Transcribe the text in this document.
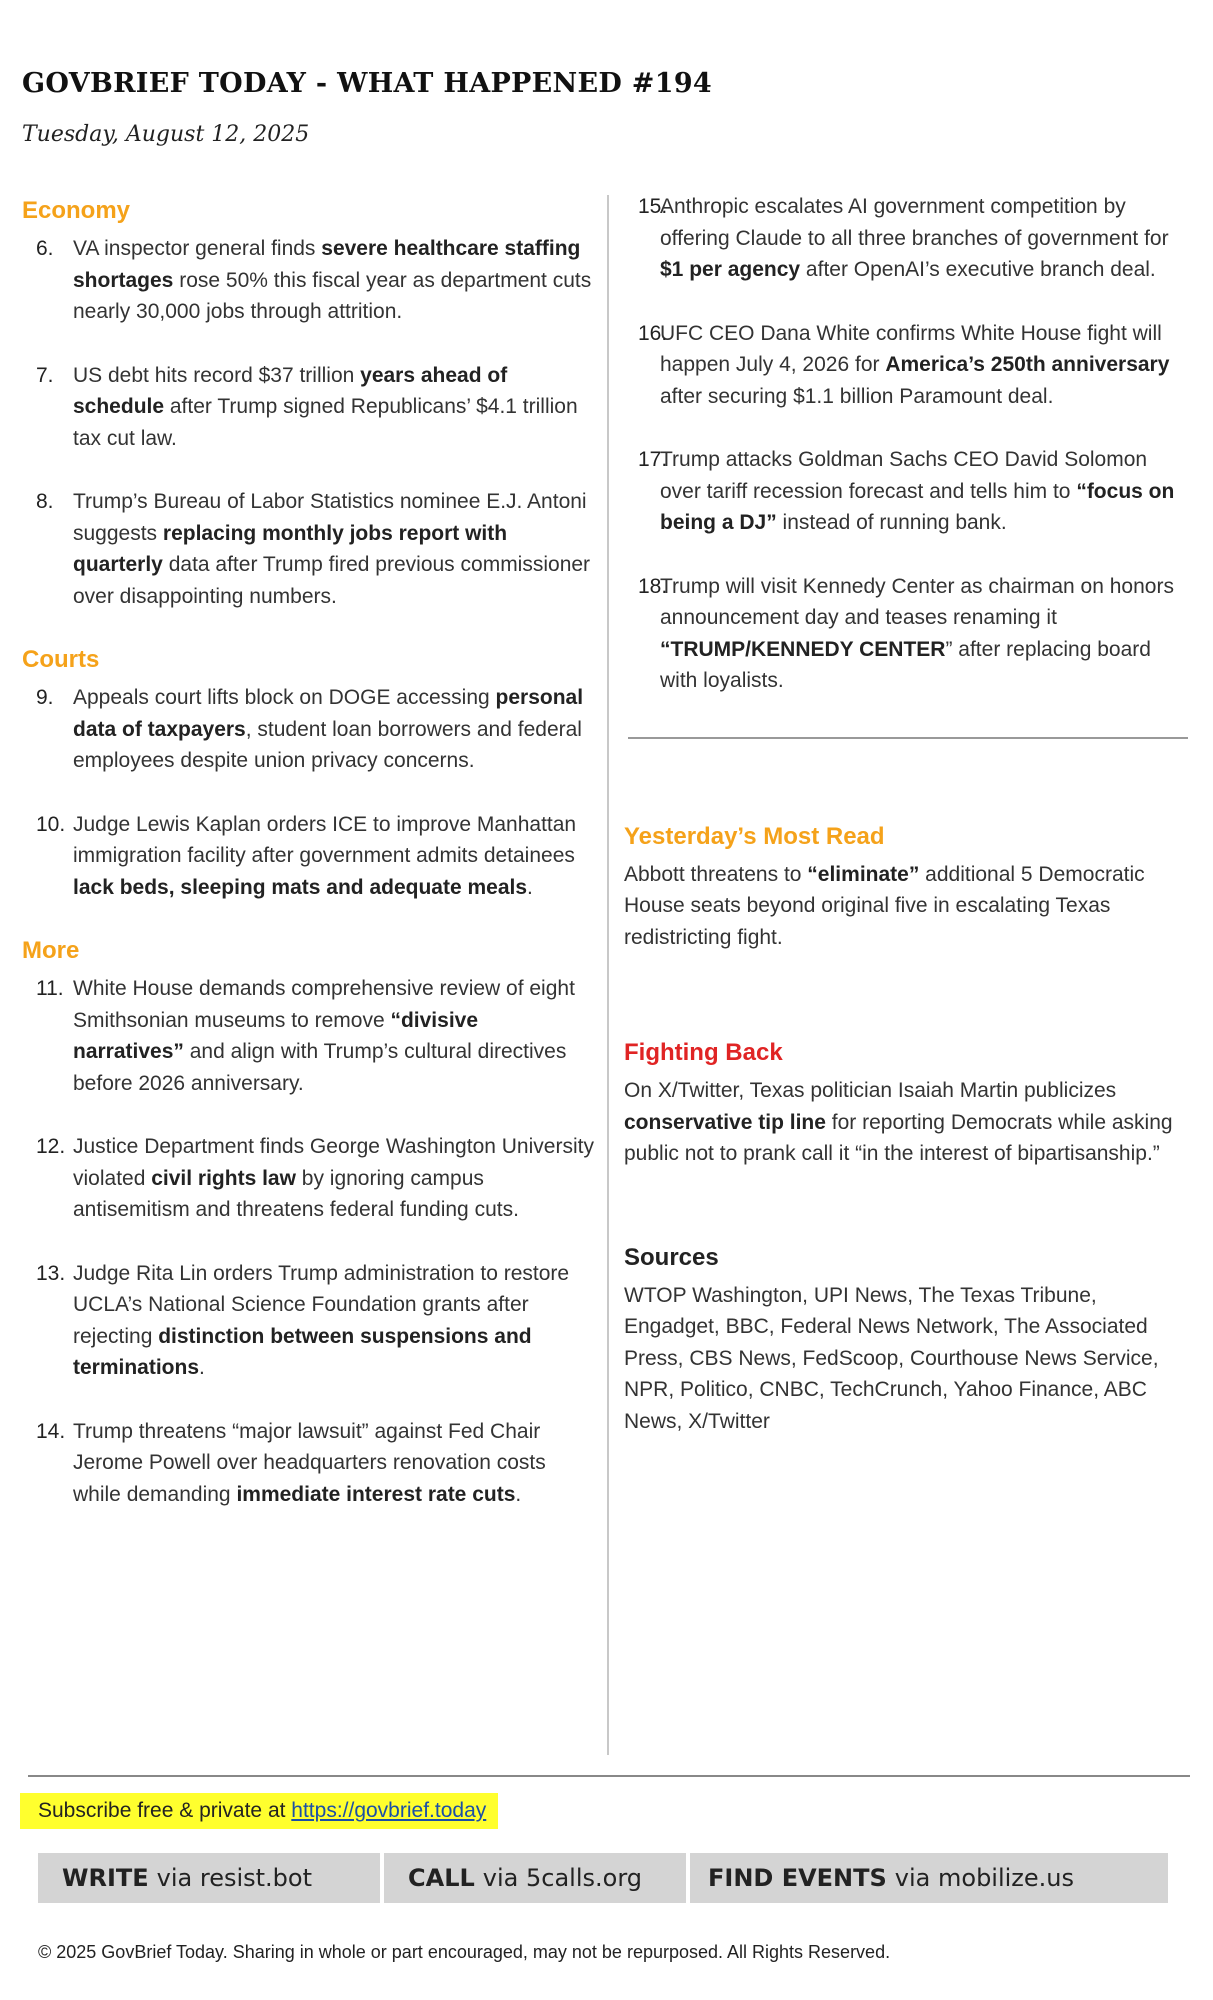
GOVBRIEF TODAY - WHAT HAPPENED #194
Tuesday, August 12, 2025
Economy
6. VA inspector general finds severe healthcare staffing shortages rose 50% this fiscal year as department cuts nearly 30,000 jobs through attrition.
7. US debt hits record $37 trillion years ahead of schedule after Trump signed Republicans’ $4.1 trillion tax cut law.
8. Trump’s Bureau of Labor Statistics nominee E.J. Antoni suggests replacing monthly jobs report with quarterly data after Trump fired previous commissioner over disappointing numbers.
Courts
9. Appeals court lifts block on DOGE accessing personal data of taxpayers, student loan borrowers and federal employees despite union privacy concerns.
10. Judge Lewis Kaplan orders ICE to improve Manhattan immigration facility after government admits detainees lack beds, sleeping mats and adequate meals.
More
11. White House demands comprehensive review of eight Smithsonian museums to remove “divisive narratives” and align with Trump’s cultural directives before 2026 anniversary.
12. Justice Department finds George Washington University violated civil rights law by ignoring campus antisemitism and threatens federal funding cuts.
13. Judge Rita Lin orders Trump administration to restore UCLA’s National Science Foundation grants after rejecting distinction between suspensions and terminations.
14. Trump threatens “major lawsuit” against Fed Chair Jerome Powell over headquarters renovation costs while demanding immediate interest rate cuts.
15.
Anthropic escalates AI government competition by offering Claude to all three branches of government for $1 per agency after OpenAI’s executive branch deal.
16.
UFC CEO Dana White confirms White House fight will happen July 4, 2026 for America’s 250th anniversary after securing $1.1 billion Paramount deal.
17.
Trump attacks Goldman Sachs CEO David Solomon over tariff recession forecast and tells him to “focus on being a DJ” instead of running bank.
18.
Trump will visit Kennedy Center as chairman on honors announcement day and teases renaming it “TRUMP/KENNEDY CENTER” after replacing board with loyalists.
Yesterday’s Most Read
Abbott threatens to “eliminate” additional 5 Democratic House seats beyond original five in escalating Texas redistricting fight.
Fighting Back
On X/Twitter, Texas politician Isaiah Martin publicizes conservative tip line for reporting Democrats while asking public not to prank call it “in the interest of bipartisanship.”
Sources
WTOP Washington, UPI News, The Texas Tribune, Engadget, BBC, Federal News Network, The Associated Press, CBS News, FedScoop, Courthouse News Service, NPR, Politico, CNBC, TechCrunch, Yahoo Finance, ABC News, X/Twitter
Subscribe free & private at https://govbrief.today
WRITE via resist.bot	CALL via 5calls.org	FIND EVENTS via mobilize.us
© 2025 GovBrief Today. Sharing in whole or part encouraged, may not be repurposed. All Rights Reserved.
